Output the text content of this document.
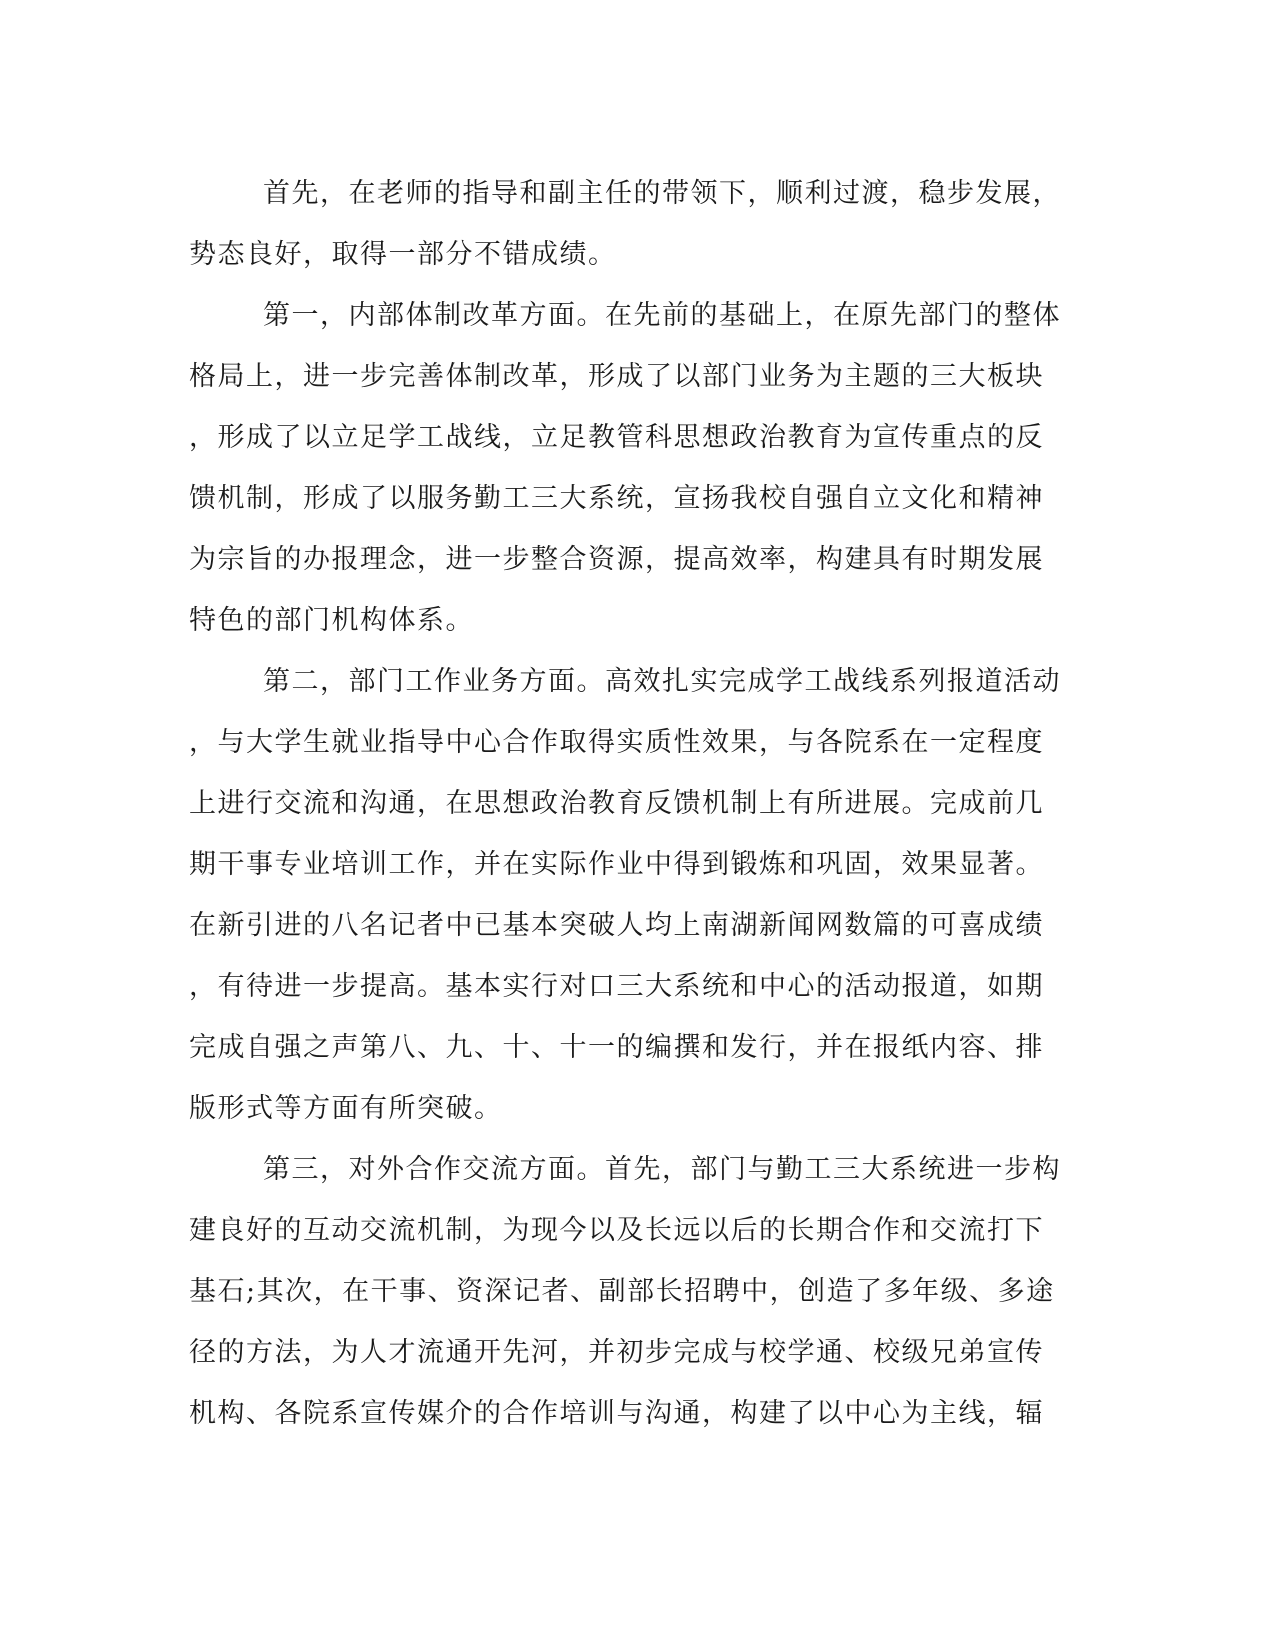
首先，在老师的指导和副主任的带领下，顺利过渡，稳步发展，
势态良好，取得一部分不错成绩。
第一，内部体制改革方面。在先前的基础上，在原先部门的整体
格局上，进一步完善体制改革，形成了以部门业务为主题的三大板块
，形成了以立足学工战线，立足教管科思想政治教育为宣传重点的反
馈机制，形成了以服务勤工三大系统，宣扬我校自强自立文化和精神
为宗旨的办报理念，进一步整合资源，提高效率，构建具有时期发展
特色的部门机构体系。
第二，部门工作业务方面。高效扎实完成学工战线系列报道活动
，与大学生就业指导中心合作取得实质性效果，与各院系在一定程度
上进行交流和沟通，在思想政治教育反馈机制上有所进展。完成前几
期干事专业培训工作，并在实际作业中得到锻炼和巩固，效果显著。
在新引进的八名记者中已基本突破人均上南湖新闻网数篇的可喜成绩
，有待进一步提高。基本实行对口三大系统和中心的活动报道，如期
完成自强之声第八、九、十、十一的编撰和发行，并在报纸内容、排
版形式等方面有所突破。
第三，对外合作交流方面。首先，部门与勤工三大系统进一步构
建良好的互动交流机制，为现今以及长远以后的长期合作和交流打下
基石;其次，在干事、资深记者、副部长招聘中，创造了多年级、多途
径的方法，为人才流通开先河，并初步完成与校学通、校级兄弟宣传
机构、各院系宣传媒介的合作培训与沟通，构建了以中心为主线，辐
